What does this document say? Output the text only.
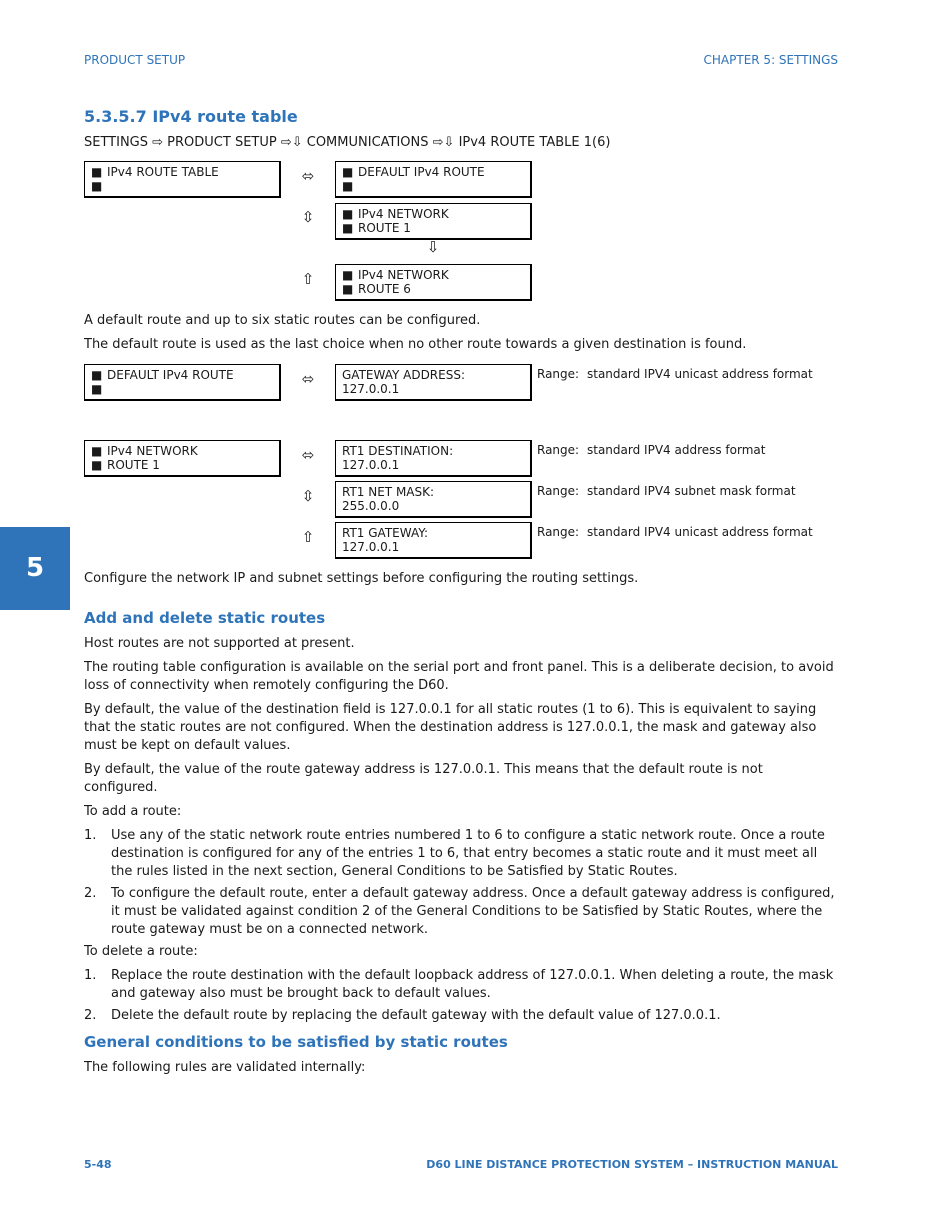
PRODUCT SETUP	CHAPTER 5: SETTINGS
5.3.5.7 IPv4 route table
SETTINGS ⇨ PRODUCT SETUP ⇨⇩ COMMUNICATIONS ⇨⇩ IPv4 ROUTE TABLE 1(6)
■ IPv4 ROUTE TABLE
■
⬄ ■ DEFAULT IPv4 ROUTE
■
⇳ ■ IPv4 NETWORK
■ ROUTE 1
⇩
⇧ ■ IPv4 NETWORK
■ ROUTE 6
A default route and up to six static routes can be configured.
The default route is used as the last choice when no other route towards a given destination is found.
■ DEFAULT IPv4 ROUTE
■
⬄ GATEWAY ADDRESS:
127.0.0.1
Range: standard IPV4 unicast address format
■ IPv4 NETWORK
■ ROUTE 1
⬄ RT1 DESTINATION:
127.0.0.1
Range: standard IPV4 address format
⇳ RT1 NET MASK:
255.0.0.0
Range: standard IPV4 subnet mask format
⇧ RT1 GATEWAY:
127.0.0.1
Range: standard IPV4 unicast address format
5	Configure the network IP and subnet settings before configuring the routing settings.
Add and delete static routes

Host routes are not supported at present.

The routing table configuration is available on the serial port and front panel. This is a deliberate decision, to avoid loss of connectivity when remotely configuring the D60.

By default, the value of the destination field is 127.0.0.1 for all static routes (1 to 6). This is equivalent to saying that the static routes are not configured. When the destination address is 127.0.0.1, the mask and gateway also must be kept on default values.

By default, the value of the route gateway address is 127.0.0.1. This means that the default route is not configured.

To add a route:

1. Use any of the static network route entries numbered 1 to 6 to configure a static network route. Once a route destination is configured for any of the entries 1 to 6, that entry becomes a static route and it must meet all the rules listed in the next section, General Conditions to be Satisfied by Static Routes.
2. To configure the default route, enter a default gateway address. Once a default gateway address is configured, it must be validated against condition 2 of the General Conditions to be Satisfied by Static Routes, where the route gateway must be on a connected network.

To delete a route:

1. Replace the route destination with the default loopback address of 127.0.0.1. When deleting a route, the mask and gateway also must be brought back to default values.
2. Delete the default route by replacing the default gateway with the default value of 127.0.0.1.
General conditions to be satisfied by static routes
The following rules are validated internally:
5-48	D60 LINE DISTANCE PROTECTION SYSTEM – INSTRUCTION MANUAL
